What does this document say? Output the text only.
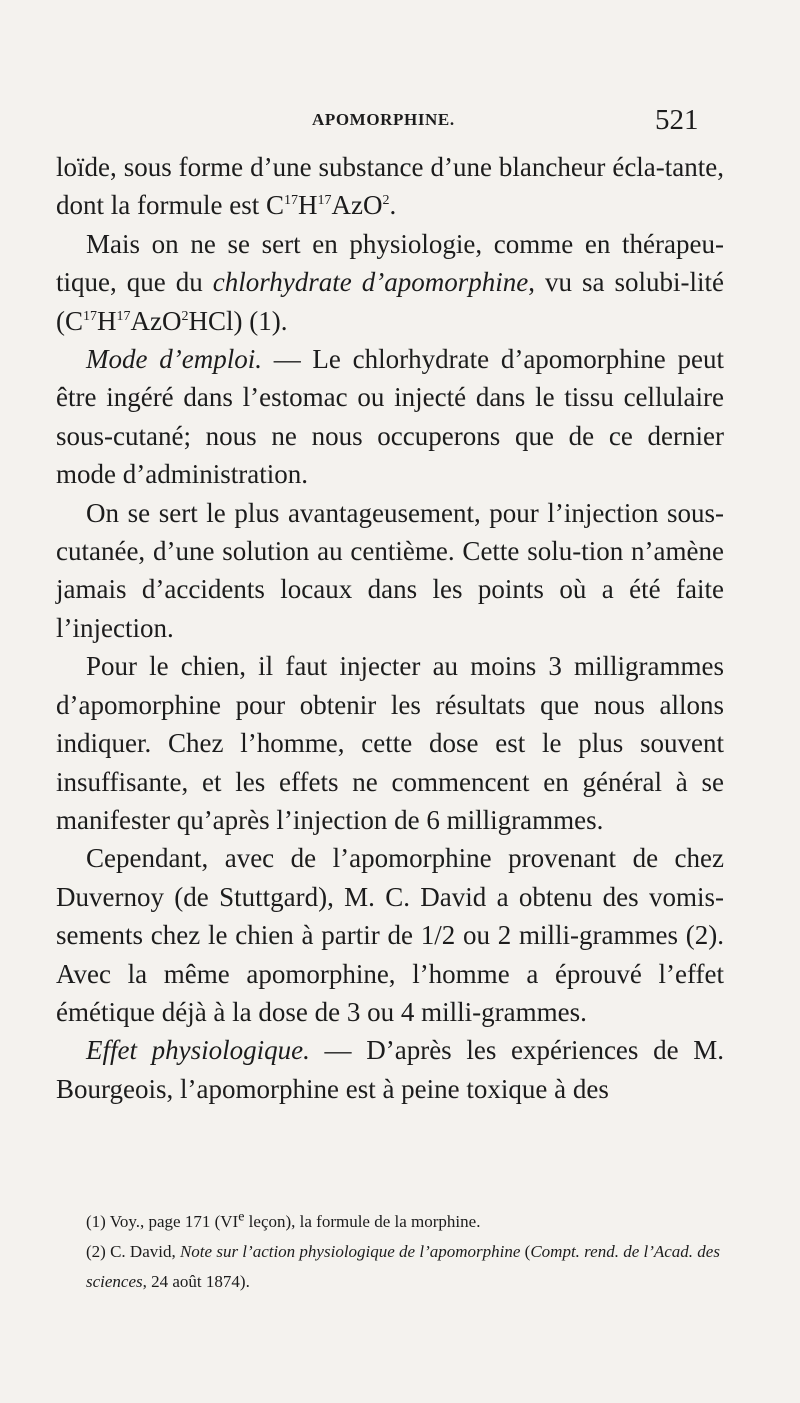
APOMORPHINE.	521

loïde, sous forme d’une substance d’une blancheur écla-tante, dont la formule est $C^{17}H^{17}AzO^2$.

Mais on ne se sert en physiologie, comme en thérapeu-tique, que du chlorhydrate d’apomorphine, vu sa solubi-lité $(C^{17}H^{17}AzO^2HCl)$ (1).

Mode d’emploi. — Le chlorhydrate d’apomorphine peut être ingéré dans l’estomac ou injecté dans le tissu cellulaire sous-cutané; nous ne nous occuperons que de ce dernier mode d’administration.

On se sert le plus avantageusement, pour l’injection sous-cutanée, d’une solution au centième. Cette solu-tion n’amène jamais d’accidents locaux dans les points où a été faite l’injection.

Pour le chien, il faut injecter au moins 3 milligrammes d’apomorphine pour obtenir les résultats que nous allons indiquer. Chez l’homme, cette dose est le plus souvent insuffisante, et les effets ne commencent en général à se manifester qu’après l’injection de 6 milligrammes.

Cependant, avec de l’apomorphine provenant de chez Duvernoy (de Stuttgard), M. C. David a obtenu des vomis-sements chez le chien à partir de 1/2 ou 2 milli-grammes (2). Avec la même apomorphine, l’homme a éprouvé l’effet émétique déjà à la dose de 3 ou 4 milli-grammes.

Effet physiologique. — D’après les expériences de M. Bourgeois, l’apomorphine est à peine toxique à des

(1) Voy., page 171 (VIe leçon), la formule de la morphine.

(2) C. David, Note sur l’action physiologique de l’apomorphine (Compt. rend. de l’Acad. des sciences, 24 août 1874).
